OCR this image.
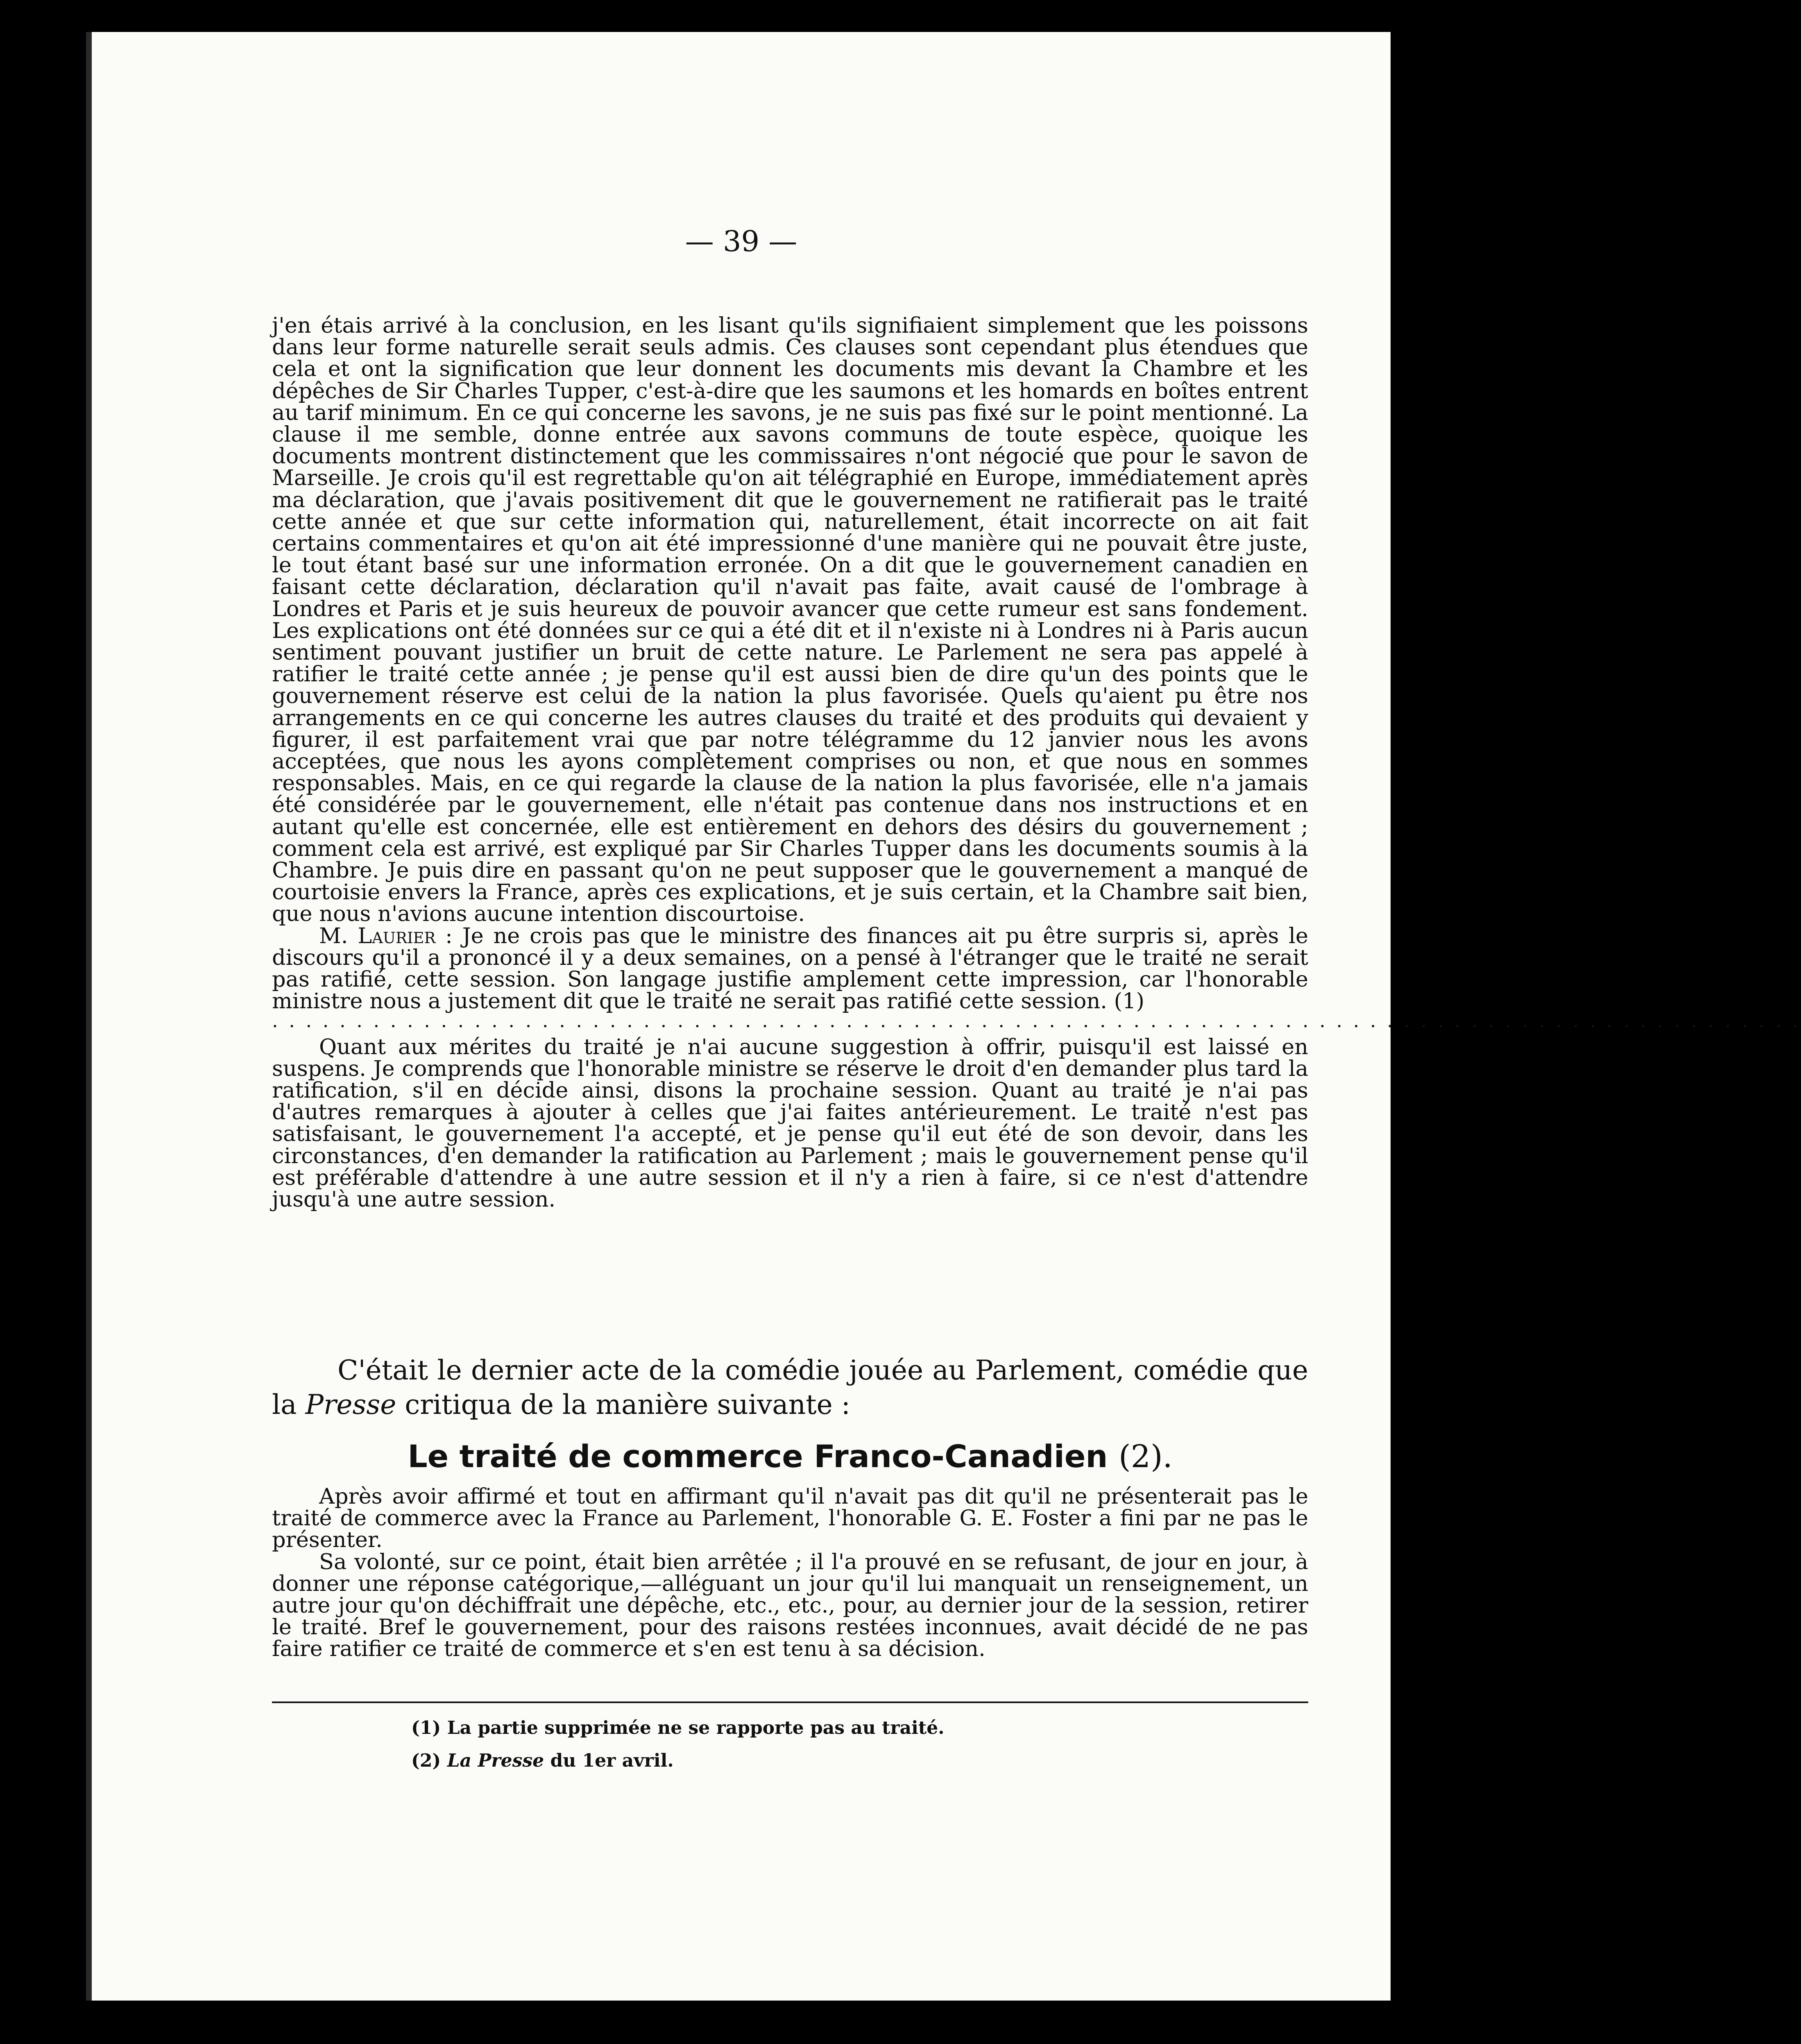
— 39 —

j'en étais arrivé à la conclusion, en les lisant qu'ils signifiaient simplement que les poissons dans leur forme naturelle serait seuls admis. Ces clauses sont cependant plus étendues que cela et ont la signification que leur donnent les documents mis devant la Chambre et les dépêches de Sir Charles Tupper, c'est-à-dire que les saumons et les homards en boîtes entrent au tarif minimum. En ce qui concerne les savons, je ne suis pas fixé sur le point mentionné. La clause il me semble, donne entrée aux savons communs de toute espèce, quoique les documents montrent distinctement que les commissaires n'ont négocié que pour le savon de Marseille. Je crois qu'il est regrettable qu'on ait télégraphié en Europe, immédiatement après ma déclaration, que j'avais positivement dit que le gouvernement ne ratifierait pas le traité cette année et que sur cette information qui, naturellement, était incorrecte on ait fait certains commentaires et qu'on ait été impressionné d'une manière qui ne pouvait être juste, le tout étant basé sur une information erronée. On a dit que le gouvernement canadien en faisant cette déclaration, déclaration qu'il n'avait pas faite, avait causé de l'ombrage à Londres et Paris et je suis heureux de pouvoir avancer que cette rumeur est sans fondement. Les explications ont été données sur ce qui a été dit et il n'existe ni à Londres ni à Paris aucun sentiment pouvant justifier un bruit de cette nature. Le Parlement ne sera pas appelé à ratifier le traité cette année ; je pense qu'il est aussi bien de dire qu'un des points que le gouvernement réserve est celui de la nation la plus favorisée. Quels qu'aient pu être nos arrangements en ce qui concerne les autres clauses du traité et des produits qui devaient y figurer, il est parfaitement vrai que par notre télégramme du 12 janvier nous les avons acceptées, que nous les ayons complètement comprises ou non, et que nous en sommes responsables. Mais, en ce qui regarde la clause de la nation la plus favorisée, elle n'a jamais été considérée par le gouvernement, elle n'était pas contenue dans nos instructions et en autant qu'elle est concernée, elle est entièrement en dehors des désirs du gouvernement ; comment cela est arrivé, est expliqué par Sir Charles Tupper dans les documents soumis à la Chambre. Je puis dire en passant qu'on ne peut supposer que le gouvernement a manqué de courtoisie envers la France, après ces explications, et je suis certain, et la Chambre sait bien, que nous n'avions aucune intention discourtoise.

M. Laurier : Je ne crois pas que le ministre des finances ait pu être surpris si, après le discours qu'il a prononcé il y a deux semaines, on a pensé à l'étranger que le traité ne serait pas ratifié, cette session. Son langage justifie amplement cette impression, car l'honorable ministre nous a justement dit que le traité ne serait pas ratifié cette session. (1)

. . . . . . . . . . . . . . . . . . . . . . . . . . . . . . . . . . . . . . . . . . . . . . . . . . . . . . . . . . . . . . . . . . . . . . . . . . . . . . . . . . . . . . . . . . .

Quant aux mérites du traité je n'ai aucune suggestion à offrir, puisqu'il est laissé en suspens. Je comprends que l'honorable ministre se réserve le droit d'en demander plus tard la ratification, s'il en décide ainsi, disons la prochaine session. Quant au traité je n'ai pas d'autres remarques à ajouter à celles que j'ai faites antérieurement. Le traité n'est pas satisfaisant, le gouvernement l'a accepté, et je pense qu'il eut été de son devoir, dans les circonstances, d'en demander la ratification au Parlement ; mais le gouvernement pense qu'il est préférable d'attendre à une autre session et il n'y a rien à faire, si ce n'est d'attendre jusqu'à une autre session.

C'était le dernier acte de la comédie jouée au Parlement, comédie que la Presse critiqua de la manière suivante :

Le traité de commerce Franco-Canadien (2).

Après avoir affirmé et tout en affirmant qu'il n'avait pas dit qu'il ne présenterait pas le traité de commerce avec la France au Parlement, l'honorable G. E. Foster a fini par ne pas le présenter.

Sa volonté, sur ce point, était bien arrêtée ; il l'a prouvé en se refusant, de jour en jour, à donner une réponse catégorique,—alléguant un jour qu'il lui manquait un renseignement, un autre jour qu'on déchiffrait une dépêche, etc., etc., pour, au dernier jour de la session, retirer le traité. Bref le gouvernement, pour des raisons restées inconnues, avait décidé de ne pas faire ratifier ce traité de commerce et s'en est tenu à sa décision.

(1) La partie supprimée ne se rapporte pas au traité.
(2) La Presse du 1er avril.
